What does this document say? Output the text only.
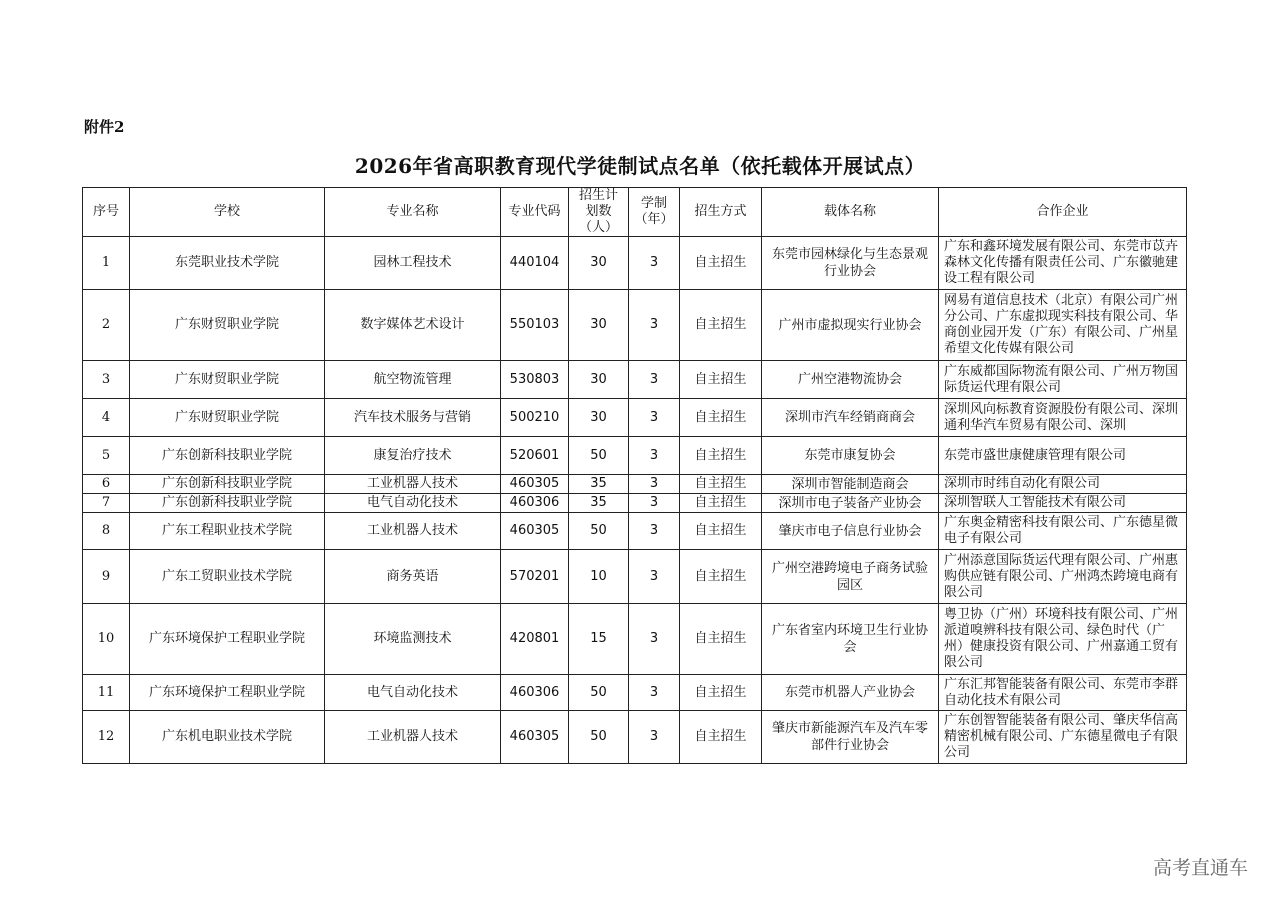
附件2
2026年省高职教育现代学徒制试点名单（依托载体开展试点）
序号	学校	专业名称	专业代码	招生计划数（人）	学制（年）	招生方式	载体名称	合作企业
1	东莞职业技术学院	园林工程技术	440104	30	3	自主招生	东莞市园林绿化与生态景观行业协会	广东和鑫环境发展有限公司、东莞市苡卉森林文化传播有限责任公司、广东徽驰建设工程有限公司
2	广东财贸职业学院	数字媒体艺术设计	550103	30	3	自主招生	广州市虚拟现实行业协会	网易有道信息技术（北京）有限公司广州分公司、广东虚拟现实科技有限公司、华商创业园开发（广东）有限公司、广州星希望文化传媒有限公司
3	广东财贸职业学院	航空物流管理	530803	30	3	自主招生	广州空港物流协会	广东威都国际物流有限公司、广州万物国际货运代理有限公司
4	广东财贸职业学院	汽车技术服务与营销	500210	30	3	自主招生	深圳市汽车经销商商会	深圳风向标教育资源股份有限公司、深圳通利华汽车贸易有限公司、深圳
5	广东创新科技职业学院	康复治疗技术	520601	50	3	自主招生	东莞市康复协会	东莞市盛世康健康管理有限公司
6	广东创新科技职业学院	工业机器人技术	460305	35	3	自主招生	深圳市智能制造商会	深圳市时纬自动化有限公司
7	广东创新科技职业学院	电气自动化技术	460306	35	3	自主招生	深圳市电子装备产业协会	深圳智联人工智能技术有限公司
8	广东工程职业技术学院	工业机器人技术	460305	50	3	自主招生	肇庆市电子信息行业协会	广东奥金精密科技有限公司、广东德星微电子有限公司
9	广东工贸职业技术学院	商务英语	570201	10	3	自主招生	广州空港跨境电子商务试验园区	广州添意国际货运代理有限公司、广州惠购供应链有限公司、广州鸿杰跨境电商有限公司
10	广东环境保护工程职业学院	环境监测技术	420801	15	3	自主招生	广东省室内环境卫生行业协会	粤卫协（广州）环境科技有限公司、广州派道嗅辨科技有限公司、绿色时代（广州）健康投资有限公司、广州嘉通工贸有限公司
11	广东环境保护工程职业学院	电气自动化技术	460306	50	3	自主招生	东莞市机器人产业协会	广东汇邦智能装备有限公司、东莞市李群自动化技术有限公司
12	广东机电职业技术学院	工业机器人技术	460305	50	3	自主招生	肇庆市新能源汽车及汽车零部件行业协会	广东创智智能装备有限公司、肇庆华信高精密机械有限公司、广东德星微电子有限公司
高考直通车
